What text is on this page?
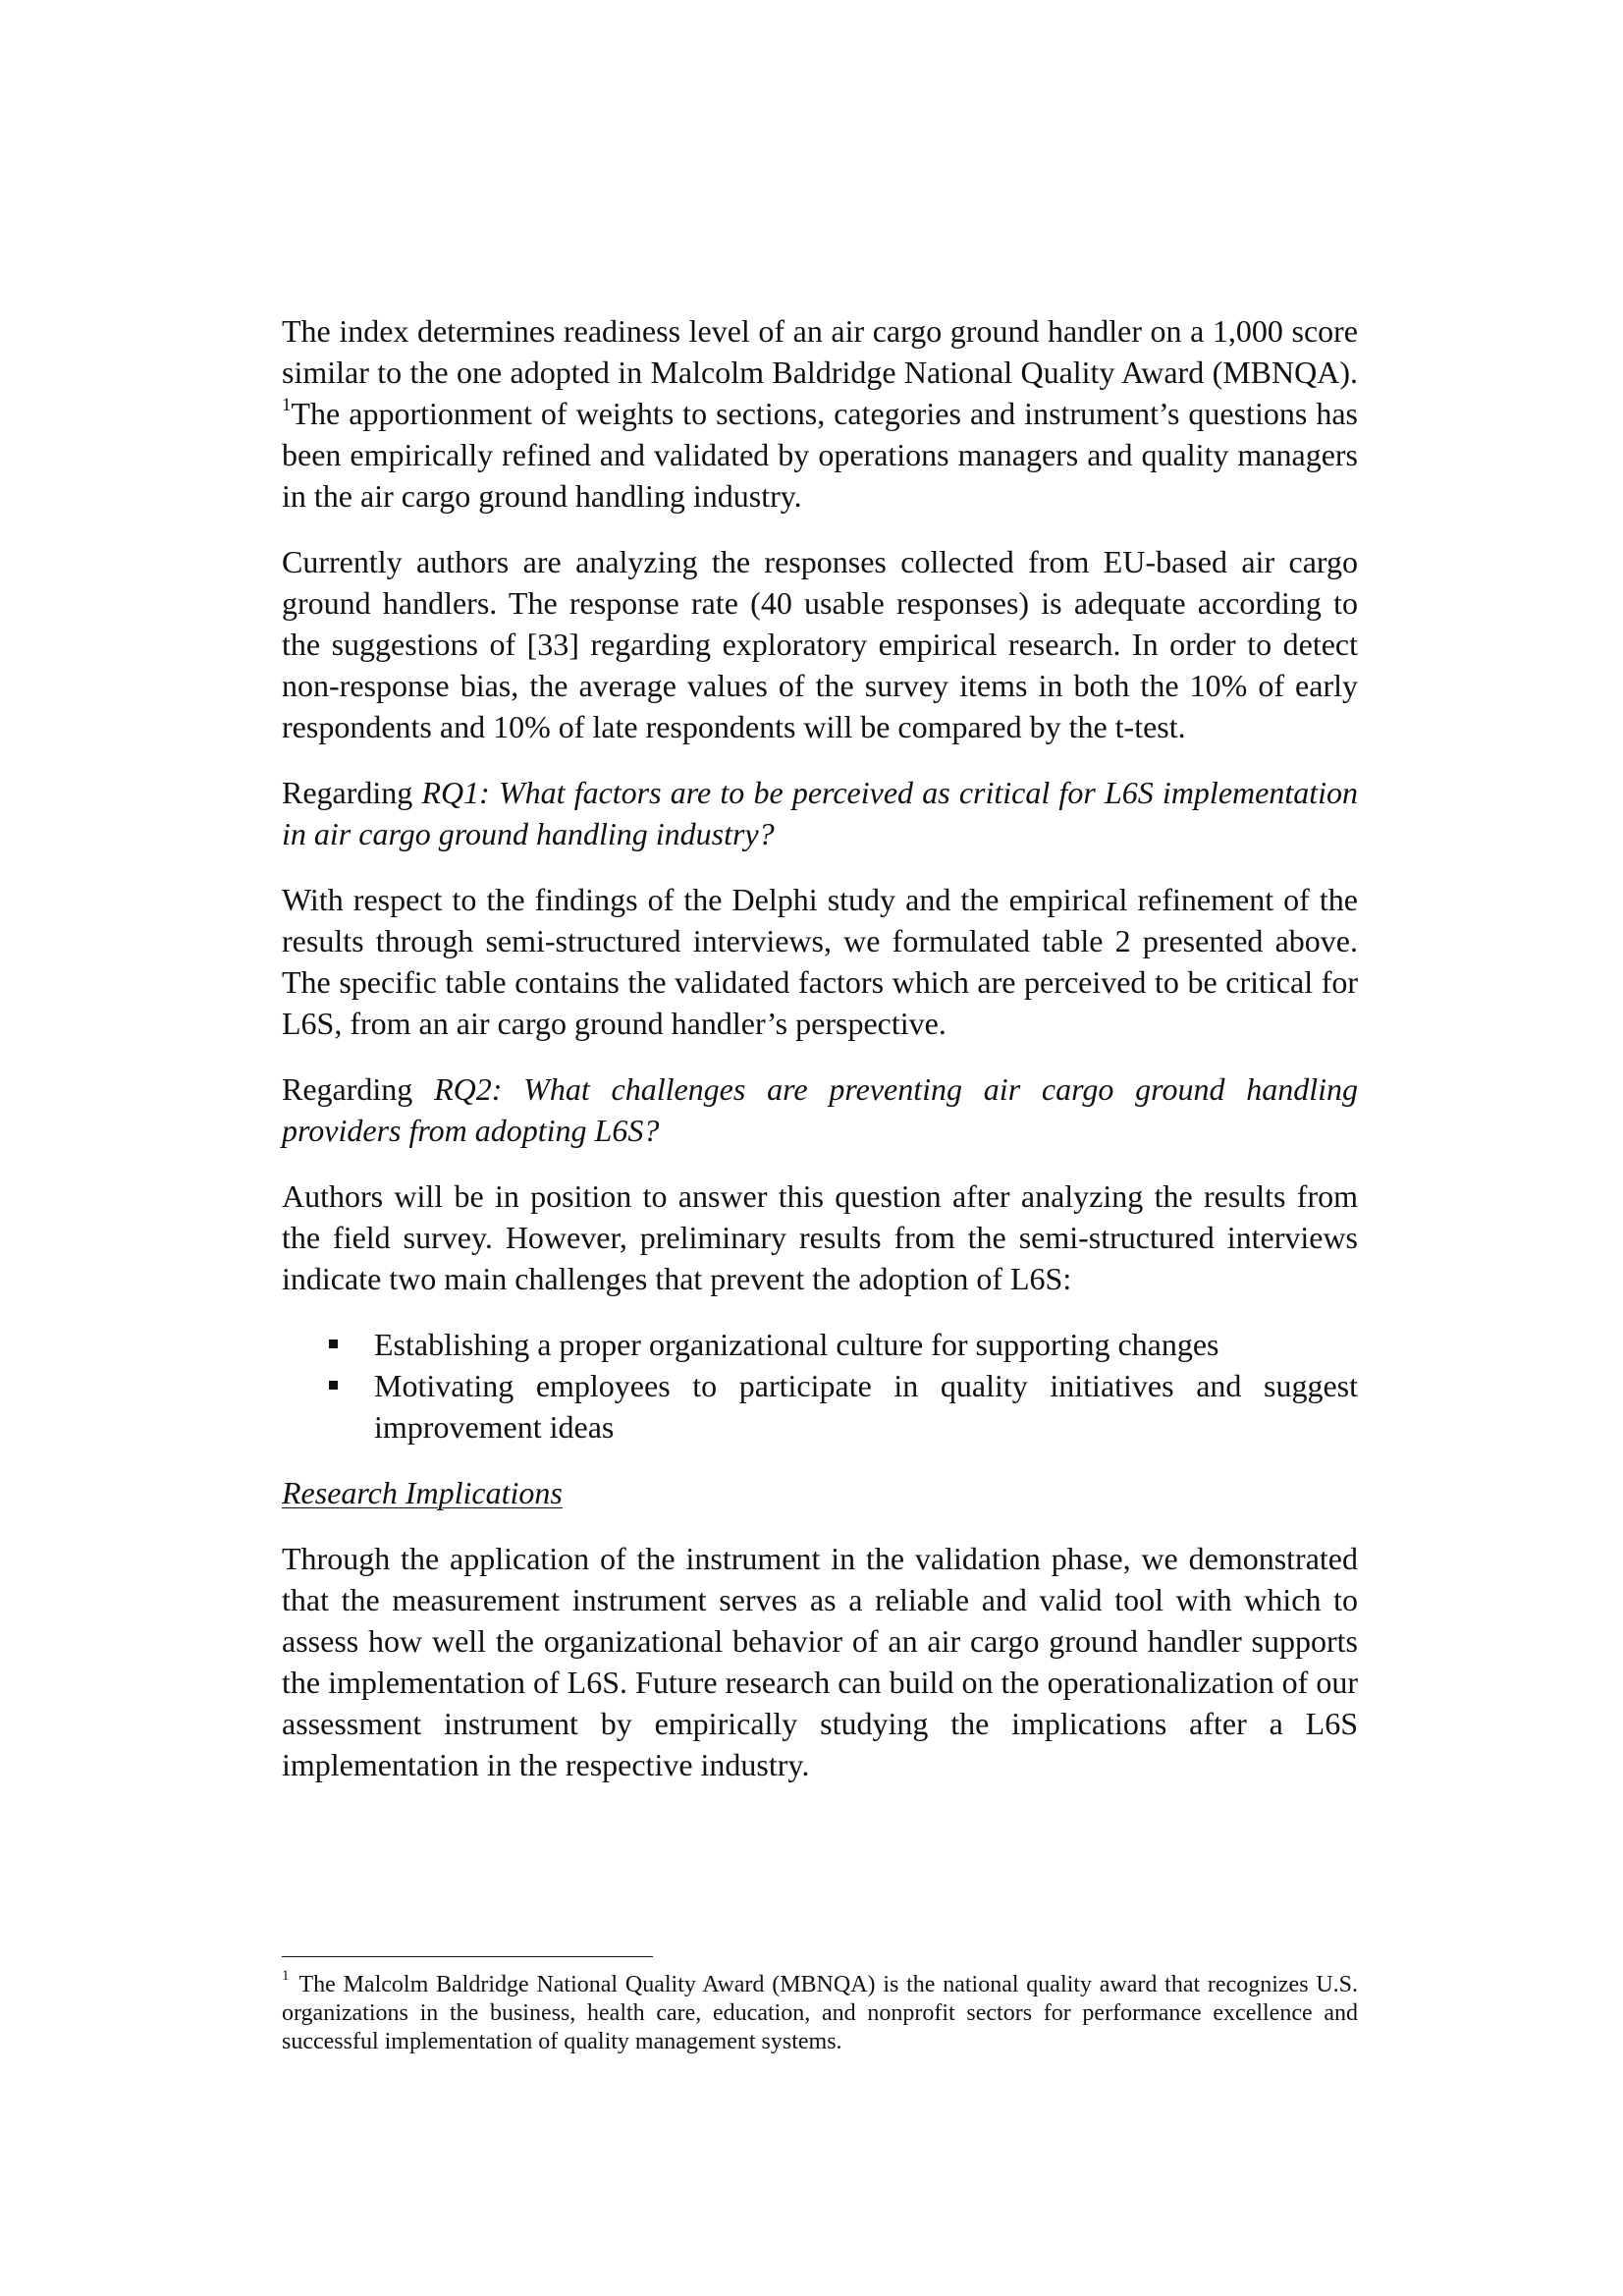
The index determines readiness level of an air cargo ground handler on a 1,000 score similar to the one adopted in Malcolm Baldridge National Quality Award (MBNQA). $^1$The apportionment of weights to sections, categories and instrument’s questions has been empirically refined and validated by operations managers and quality managers in the air cargo ground handling industry.

Currently authors are analyzing the responses collected from EU-based air cargo ground handlers. The response rate (40 usable responses) is adequate according to the suggestions of [33] regarding exploratory empirical research. In order to detect non-response bias, the average values of the survey items in both the 10% of early respondents and 10% of late respondents will be compared by the t-test.

Regarding RQ1: What factors are to be perceived as critical for L6S implementation in air cargo ground handling industry?

With respect to the findings of the Delphi study and the empirical refinement of the results through semi-structured interviews, we formulated table 2 presented above. The specific table contains the validated factors which are perceived to be critical for L6S, from an air cargo ground handler’s perspective.

Regarding RQ2: What challenges are preventing air cargo ground handling providers from adopting L6S?

Authors will be in position to answer this question after analyzing the results from the field survey. However, preliminary results from the semi-structured interviews indicate two main challenges that prevent the adoption of L6S:

Establishing a proper organizational culture for supporting changes
Motivating employees to participate in quality initiatives and suggest improvement ideas

Research Implications

Through the application of the instrument in the validation phase, we demonstrated that the measurement instrument serves as a reliable and valid tool with which to assess how well the organizational behavior of an air cargo ground handler supports the implementation of L6S. Future research can build on the operationalization of our assessment instrument by empirically studying the implications after a L6S implementation in the respective industry.

$^1$ The Malcolm Baldridge National Quality Award (MBNQA) is the national quality award that recognizes U.S. organizations in the business, health care, education, and nonprofit sectors for performance excellence and successful implementation of quality management systems.
